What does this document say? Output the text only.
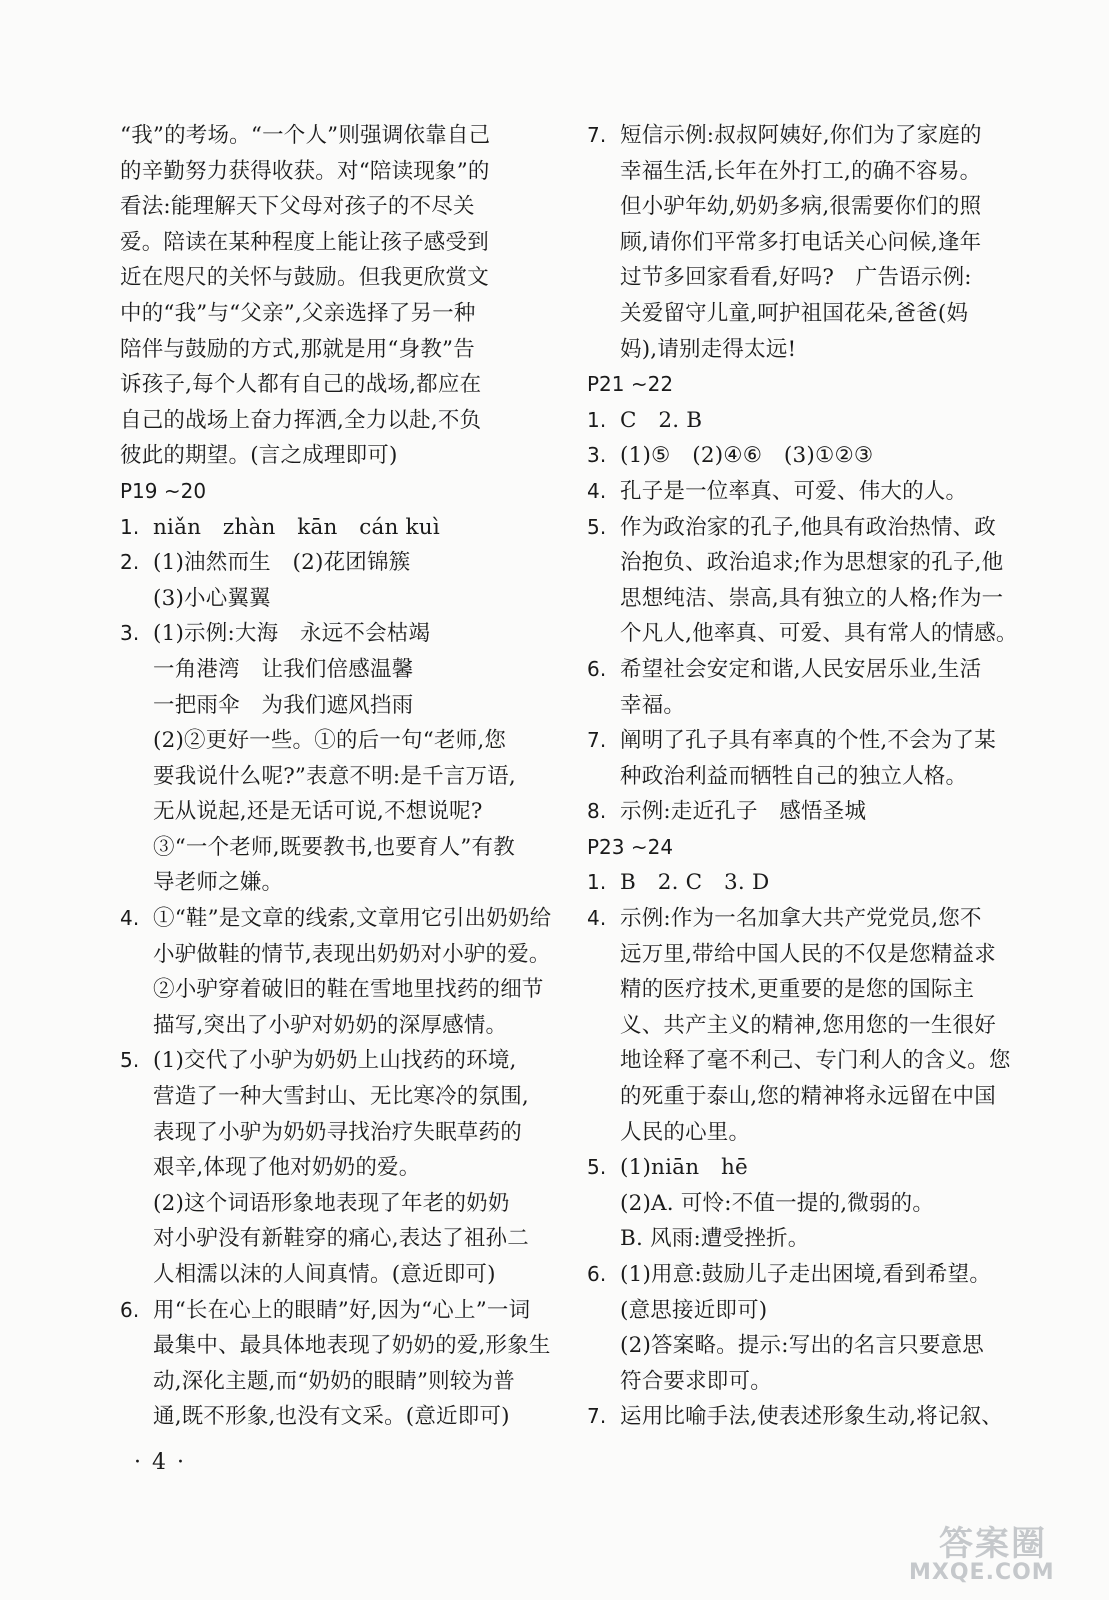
“我”的考场。“一个人”则强调依靠自己
的辛勤努力获得收获。对“陪读现象”的
看法:能理解天下父母对孩子的不尽关
爱。陪读在某种程度上能让孩子感受到
近在咫尺的关怀与鼓励。但我更欣赏文
中的“我”与“父亲”,父亲选择了另一种
陪伴与鼓励的方式,那就是用“身教”告
诉孩子,每个人都有自己的战场,都应在
自己的战场上奋力挥洒,全力以赴,不负
彼此的期望。(言之成理即可)
P19 ~20
1. niǎn　zhàn　kān　cán kuì
2. (1)油然而生　(2)花团锦簇
(3)小心翼翼
3. (1)示例:大海　永远不会枯竭
一角港湾　让我们倍感温馨
一把雨伞　为我们遮风挡雨
(2)②更好一些。①的后一句“老师,您
要我说什么呢?”表意不明:是千言万语,
无从说起,还是无话可说,不想说呢?
③“一个老师,既要教书,也要育人”有教
导老师之嫌。
4. ①“鞋”是文章的线索,文章用它引出奶奶给
小驴做鞋的情节,表现出奶奶对小驴的爱。
②小驴穿着破旧的鞋在雪地里找药的细节
描写,突出了小驴对奶奶的深厚感情。
5. (1)交代了小驴为奶奶上山找药的环境,
营造了一种大雪封山、无比寒冷的氛围,
表现了小驴为奶奶寻找治疗失眠草药的
艰辛,体现了他对奶奶的爱。
(2)这个词语形象地表现了年老的奶奶
对小驴没有新鞋穿的痛心,表达了祖孙二
人相濡以沫的人间真情。(意近即可)
6. 用“长在心上的眼睛”好,因为“心上”一词
最集中、最具体地表现了奶奶的爱,形象生
动,深化主题,而“奶奶的眼睛”则较为普
通,既不形象,也没有文采。(意近即可)
7. 短信示例:叔叔阿姨好,你们为了家庭的
幸福生活,长年在外打工,的确不容易。
但小驴年幼,奶奶多病,很需要你们的照
顾,请你们平常多打电话关心问候,逢年
过节多回家看看,好吗?　广告语示例:
关爱留守儿童,呵护祖国花朵,爸爸(妈
妈),请别走得太远!
P21 ~22
1. C　2. B
3. (1)⑤　(2)④⑥　(3)①②③
4. 孔子是一位率真、可爱、伟大的人。
5. 作为政治家的孔子,他具有政治热情、政
治抱负、政治追求;作为思想家的孔子,他
思想纯洁、崇高,具有独立的人格;作为一
个凡人,他率真、可爱、具有常人的情感。
6. 希望社会安定和谐,人民安居乐业,生活
幸福。
7. 阐明了孔子具有率真的个性,不会为了某
种政治利益而牺牲自己的独立人格。
8. 示例:走近孔子　感悟圣城
P23 ~24
1. B　2. C　3. D
4. 示例:作为一名加拿大共产党党员,您不
远万里,带给中国人民的不仅是您精益求
精的医疗技术,更重要的是您的国际主
义、共产主义的精神,您用您的一生很好
地诠释了毫不利己、专门利人的含义。您
的死重于泰山,您的精神将永远留在中国
人民的心里。
5. (1)niān　hē
(2)A. 可怜:不值一提的,微弱的。
B. 风雨:遭受挫折。
6. (1)用意:鼓励儿子走出困境,看到希望。
(意思接近即可)
(2)答案略。提示:写出的名言只要意思
符合要求即可。
7. 运用比喻手法,使表述形象生动,将记叙、
· 4 ·
答案圈
MXQE.COM
